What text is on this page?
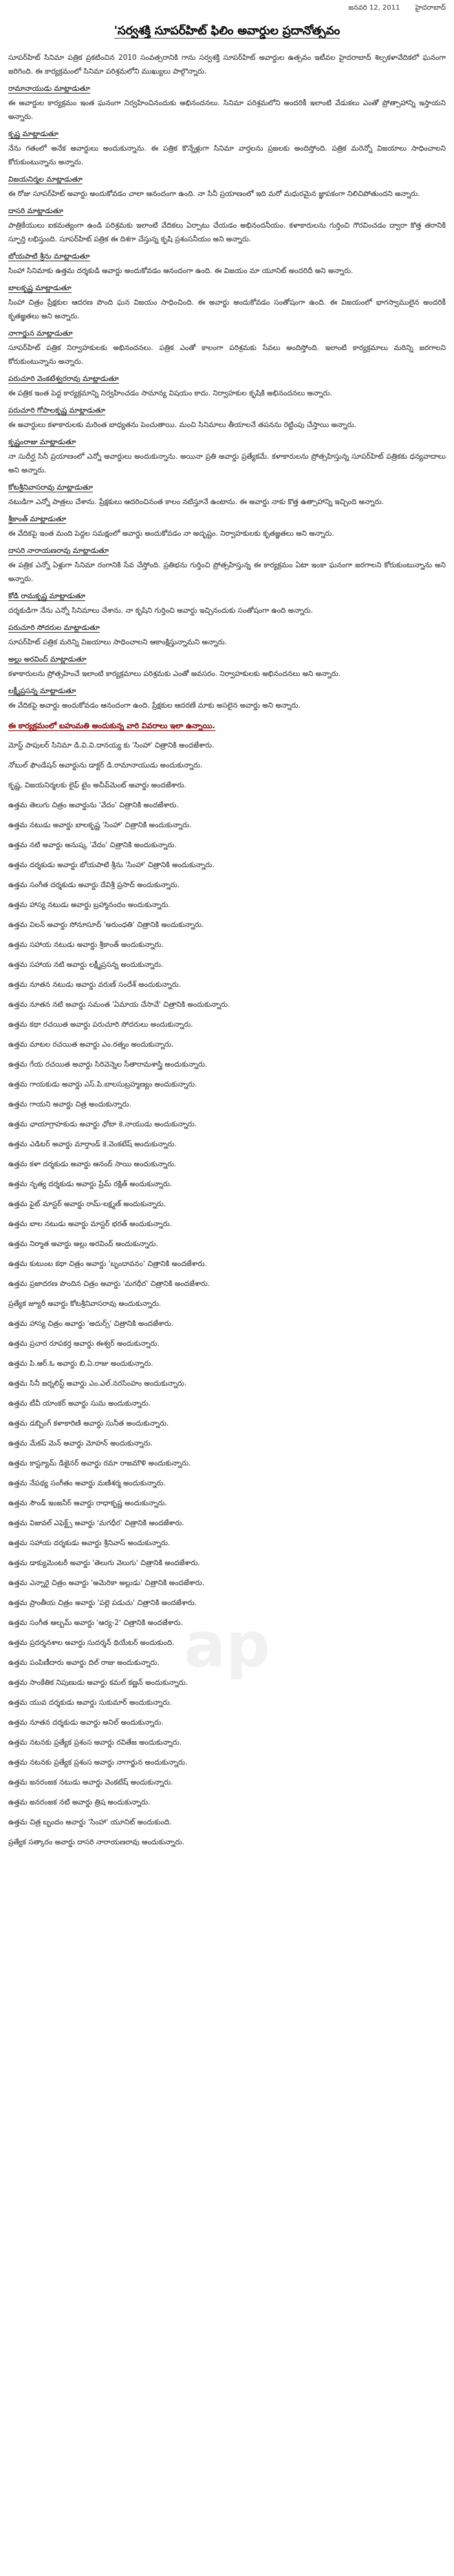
జనవరి 12, 2011 హైదరాబాద్
'సర్వశక్తి సూపర్‌హిట్ ఫిలిం అవార్డుల ప్రదానోత్సవం
సూపర్‌హిట్ సినిమా పత్రిక ప్రకటించిన 2010 సంవత్సరానికి గాను సర్వశక్తి సూపర్‌హిట్ అవార్డుల ఉత్సవం ఇటీవల హైదరాబాద్ శిల్పకళావేదికలో ఘనంగా జరిగింది. ఈ కార్యక్రమంలో సినిమా పరిశ్రమలోని ముఖ్యులు పాల్గొన్నారు.
రామానాయుడు మాట్లాడుతూ
ఈ అవార్డుల కార్యక్రమం ఇంత ఘనంగా నిర్వహించినందుకు అభినందనలు. సినిమా పరిశ్రమలోని అందరికీ ఇలాంటి వేడుకలు ఎంతో ప్రోత్సాహాన్ని ఇస్తాయని అన్నారు.
కృష్ణ మాట్లాడుతూ
నేను గతంలో అనేక అవార్డులు అందుకున్నాను. ఈ పత్రిక కొన్నేళ్లుగా సినిమా వార్తలను ప్రజలకు అందిస్తోంది. పత్రిక మరెన్నో విజయాలు సాధించాలని కోరుకుంటున్నాను అన్నారు.
విజయనిర్మల మాట్లాడుతూ
ఈ రోజు సూపర్‌హిట్ అవార్డు అందుకోవడం చాలా ఆనందంగా ఉంది. నా సినీ ప్రయాణంలో ఇది మరో మధురమైన జ్ఞాపకంగా నిలిచిపోతుందని అన్నారు.
దాసరి మాట్లాడుతూ
పాత్రికేయులు ఐకమత్యంగా ఉండి పరిశ్రమకు ఇలాంటి వేదికలు ఏర్పాటు చేయడం అభినందనీయం. కళాకారులను గుర్తించి గౌరవించడం ద్వారా కొత్త తరానికి స్ఫూర్తి లభిస్తుంది. సూపర్‌హిట్ పత్రిక ఈ దిశగా చేస్తున్న కృషి ప్రశంసనీయం అని అన్నారు.
బోయపాటి శ్రీను మాట్లాడుతూ
సింహా సినిమాకు ఉత్తమ దర్శకుడి అవార్డు అందుకోవడం ఆనందంగా ఉంది. ఈ విజయం మా యూనిట్ అందరిదీ అని అన్నారు.
బాలకృష్ణ మాట్లాడుతూ
సింహా చిత్రం ప్రేక్షకుల ఆదరణ పొంది ఘన విజయం సాధించింది. ఈ అవార్డు అందుకోవడం సంతోషంగా ఉంది. ఈ విజయంలో భాగస్వాములైన అందరికీ కృతజ్ఞతలు అని అన్నారు.
నాగార్జున మాట్లాడుతూ
సూపర్‌హిట్ పత్రిక నిర్వాహకులకు అభినందనలు. పత్రిక ఎంతో కాలంగా పరిశ్రమకు సేవలు అందిస్తోంది. ఇలాంటి కార్యక్రమాలు మరిన్ని జరగాలని కోరుకుంటున్నాను అన్నారు.
పరుచూరి వెంకటేశ్వరరావు మాట్లాడుతూ
ఈ పత్రిక ఇంత పెద్ద కార్యక్రమాన్ని నిర్వహించడం సామాన్య విషయం కాదు. నిర్వాహకుల కృషికి అభినందనలు అన్నారు.
పరుచూరి గోపాలకృష్ణ మాట్లాడుతూ
ఈ అవార్డులు కళాకారులకు మరింత బాధ్యతను పెంచుతాయి. మంచి సినిమాలు తీయాలనే తపనను రెట్టింపు చేస్తాయి అన్నారు.
కృష్ణంరాజు మాట్లాడుతూ
నా సుదీర్ఘ సినీ ప్రయాణంలో ఎన్నో అవార్డులు అందుకున్నాను. అయినా ప్రతి అవార్డు ప్రత్యేకమే. కళాకారులను ప్రోత్సహిస్తున్న సూపర్‌హిట్ పత్రికకు ధన్యవాదాలు అని అన్నారు.
కోటశ్రీనివాసరావు మాట్లాడుతూ
నటుడిగా ఎన్నో పాత్రలు చేశాను. ప్రేక్షకులు ఆదరించినంత కాలం నటిస్తూనే ఉంటాను. ఈ అవార్డు నాకు కొత్త ఉత్సాహాన్ని ఇచ్చింది అన్నారు.
శ్రీకాంత్ మాట్లాడుతూ
ఈ వేదికపై ఇంత మంది పెద్దల సమక్షంలో అవార్డు అందుకోవడం నా అదృష్టం. నిర్వాహకులకు కృతజ్ఞతలు అని అన్నారు.
దాసరి నారాయణరావు మాట్లాడుతూ
ఈ పత్రిక ఎన్నో ఏళ్లుగా సినిమా రంగానికి సేవ చేస్తోంది. ప్రతిభను గుర్తించి ప్రోత్సహిస్తున్న ఈ కార్యక్రమం ఏటా ఇంకా ఘనంగా జరగాలని కోరుకుంటున్నాను అని అన్నారు.
కోడి రామకృష్ణ మాట్లాడుతూ
దర్శకుడిగా నేను ఎన్నో సినిమాలు చేశాను. నా కృషిని గుర్తించి అవార్డు ఇచ్చినందుకు సంతోషంగా ఉంది అన్నారు.
పరుచూరి సోదరుల మాట్లాడుతూ
సూపర్‌హిట్ పత్రిక మరిన్ని విజయాలు సాధించాలని ఆకాంక్షిస్తున్నామని అన్నారు.
అల్లు అరవింద్ మాట్లాడుతూ
కళాకారులను ప్రోత్సహించే ఇలాంటి కార్యక్రమాలు పరిశ్రమకు ఎంతో అవసరం. నిర్వాహకులకు అభినందనలు అని అన్నారు.
లక్ష్మీప్రసన్న మాట్లాడుతూ
ఈ వేదికపై అవార్డు అందుకోవడం ఆనందంగా ఉంది. ప్రేక్షకుల ఆదరణే మాకు అసలైన అవార్డు అని అన్నారు.
ఈ కార్యక్రమంలో బహుమతి అందుకున్న వారి వివరాలు ఇలా ఉన్నాయి.
మోస్ట్ పాపులర్ సినిమా డి.వి.వి.దానయ్య కు 'సింహా' చిత్రానికి అందజేశారు.
నోబుల్ ఫౌండేషన్ అవార్డును డాక్టర్ డి.రామానాయుడు అందుకున్నారు.
కృష్ణ, విజయనిర్మలకు లైఫ్ టైం అచీవ్‌మెంట్ అవార్డు అందజేశారు.
ఉత్తమ తెలుగు చిత్రం అవార్డును 'వేదం' చిత్రానికి అందజేశారు.
ఉత్తమ నటుడు అవార్డు బాలకృష్ణ 'సింహా' చిత్రానికి అందుకున్నారు.
ఉత్తమ నటి అవార్డు అనుష్క 'వేదం' చిత్రానికి అందుకున్నారు.
ఉత్తమ దర్శకుడు అవార్డు బోయపాటి శ్రీను 'సింహా' చిత్రానికి అందుకున్నారు.
ఉత్తమ సంగీత దర్శకుడు అవార్డు దేవిశ్రీ ప్రసాద్ అందుకున్నారు.
ఉత్తమ హాస్య నటుడు అవార్డు బ్రహ్మానందం అందుకున్నారు.
ఉత్తమ విలన్ అవార్డు సోనూసూద్ 'అరుంధతి' చిత్రానికి అందుకున్నారు.
ఉత్తమ సహాయ నటుడు అవార్డు శ్రీకాంత్ అందుకున్నారు.
ఉత్తమ సహాయ నటి అవార్డు లక్ష్మీప్రసన్న అందుకున్నారు.
ఉత్తమ నూతన నటుడు అవార్డు వరుణ్ సందేశ్ అందుకున్నారు.
ఉత్తమ నూతన నటి అవార్డు సమంత 'ఏమాయ చేసావే' చిత్రానికి అందుకున్నారు.
ఉత్తమ కథా రచయిత అవార్డు పరుచూరి సోదరులు అందుకున్నారు.
ఉత్తమ మాటల రచయిత అవార్డు ఎం.రత్నం అందుకున్నారు.
ఉత్తమ గేయ రచయిత అవార్డు సిరివెన్నెల సీతారామశాస్త్రి అందుకున్నారు.
ఉత్తమ గాయకుడు అవార్డు ఎస్.పి.బాలసుబ్రహ్మణ్యం అందుకున్నారు.
ఉత్తమ గాయని అవార్డు చిత్ర అందుకున్నారు.
ఉత్తమ ఛాయాగ్రాహకుడు అవార్డు ఛోటా కె.నాయుడు అందుకున్నారు.
ఉత్తమ ఎడిటర్ అవార్డు మార్తాండ్ కె.వెంకటేష్ అందుకున్నారు.
ఉత్తమ కళా దర్శకుడు అవార్డు ఆనంద్ సాయి అందుకున్నారు.
ఉత్తమ నృత్య దర్శకుడు అవార్డు ప్రేమ్ రక్షిత్ అందుకున్నారు.
ఉత్తమ ఫైట్ మాస్టర్ అవార్డు రామ్-లక్ష్మణ్ అందుకున్నారు.
ఉత్తమ బాల నటుడు అవార్డు మాస్టర్ భరత్ అందుకున్నారు.
ఉత్తమ నిర్మాత అవార్డు అల్లు అరవింద్ అందుకున్నారు.
ఉత్తమ కుటుంబ కథా చిత్రం అవార్డు 'బృందావనం' చిత్రానికి అందజేశారు.
ఉత్తమ ప్రజాదరణ పొందిన చిత్రం అవార్డు 'మగధీర' చిత్రానికి అందజేశారు.
ప్రత్యేక జ్యూరీ అవార్డు కోటశ్రీనివాసరావు అందుకున్నారు.
ఉత్తమ హాస్య చిత్రం అవార్డు 'అదుర్స్' చిత్రానికి అందజేశారు.
ఉత్తమ ప్రచార రూపకర్త అవార్డు ఈశ్వర్ అందుకున్నారు.
ఉత్తమ పి.ఆర్.ఓ అవార్డు బి.ఏ.రాజు అందుకున్నారు.
ఉత్తమ సినీ జర్నలిస్ట్ అవార్డు ఎం.ఎల్.నరసింహం అందుకున్నారు.
ఉత్తమ టీవీ యాంకర్ అవార్డు సుమ అందుకున్నారు.
ఉత్తమ డబ్బింగ్ కళాకారిణి అవార్డు సునీత అందుకున్నారు.
ఉత్తమ మేకప్ మెన్ అవార్డు మోహన్ అందుకున్నారు.
ఉత్తమ కాస్ట్యూమ్ డిజైనర్ అవార్డు రమా రాజమౌళి అందుకున్నారు.
ఉత్తమ నేపథ్య సంగీతం అవార్డు మణిశర్మ అందుకున్నారు.
ఉత్తమ సౌండ్ ఇంజనీర్ అవార్డు రాధాకృష్ణ అందుకున్నారు.
ఉత్తమ విజువల్ ఎఫెక్ట్స్ అవార్డు 'మగధీర' చిత్రానికి అందజేశారు.
ఉత్తమ సహాయ దర్శకుడు అవార్డు శ్రీనివాస్ అందుకున్నారు.
ఉత్తమ డాక్యుమెంటరీ అవార్డు 'తెలుగు వెలుగు' చిత్రానికి అందజేశారు.
ఉత్తమ ఎన్నారై చిత్రం అవార్డు 'అమెరికా అల్లుడు' చిత్రానికి అందజేశారు.
ఉత్తమ ప్రాంతీయ చిత్రం అవార్డు 'పల్లె పడుచు' చిత్రానికి అందజేశారు.
ఉత్తమ సంగీత ఆల్బమ్ అవార్డు 'ఆర్య-2' చిత్రానికి అందజేశారు.
ఉత్తమ ప్రదర్శనశాల అవార్డు సుదర్శన్ థియేటర్ అందుకుంది.
ఉత్తమ పంపిణీదారు అవార్డు దిల్ రాజు అందుకున్నారు.
ఉత్తమ సాంకేతిక నిపుణుడు అవార్డు కమల్ కణ్ణన్ అందుకున్నారు.
ఉత్తమ యువ దర్శకుడు అవార్డు సుకుమార్ అందుకున్నారు.
ఉత్తమ నూతన దర్శకుడు అవార్డు అనిల్ అందుకున్నారు.
ఉత్తమ నటనకు ప్రత్యేక ప్రశంస అవార్డు రవితేజ అందుకున్నారు.
ఉత్తమ నటనకు ప్రత్యేక ప్రశంస అవార్డు నాగార్జున అందుకున్నారు.
ఉత్తమ జనరంజక నటుడు అవార్డు వెంకటేష్ అందుకున్నారు.
ఉత్తమ జనరంజక నటి అవార్డు త్రిష అందుకున్నారు.
ఉత్తమ చిత్ర బృందం అవార్డు 'సింహా' యూనిట్ అందుకుంది.
ప్రత్యేక సత్కారం అవార్డు దాసరి నారాయణరావు అందుకున్నారు.
ap
